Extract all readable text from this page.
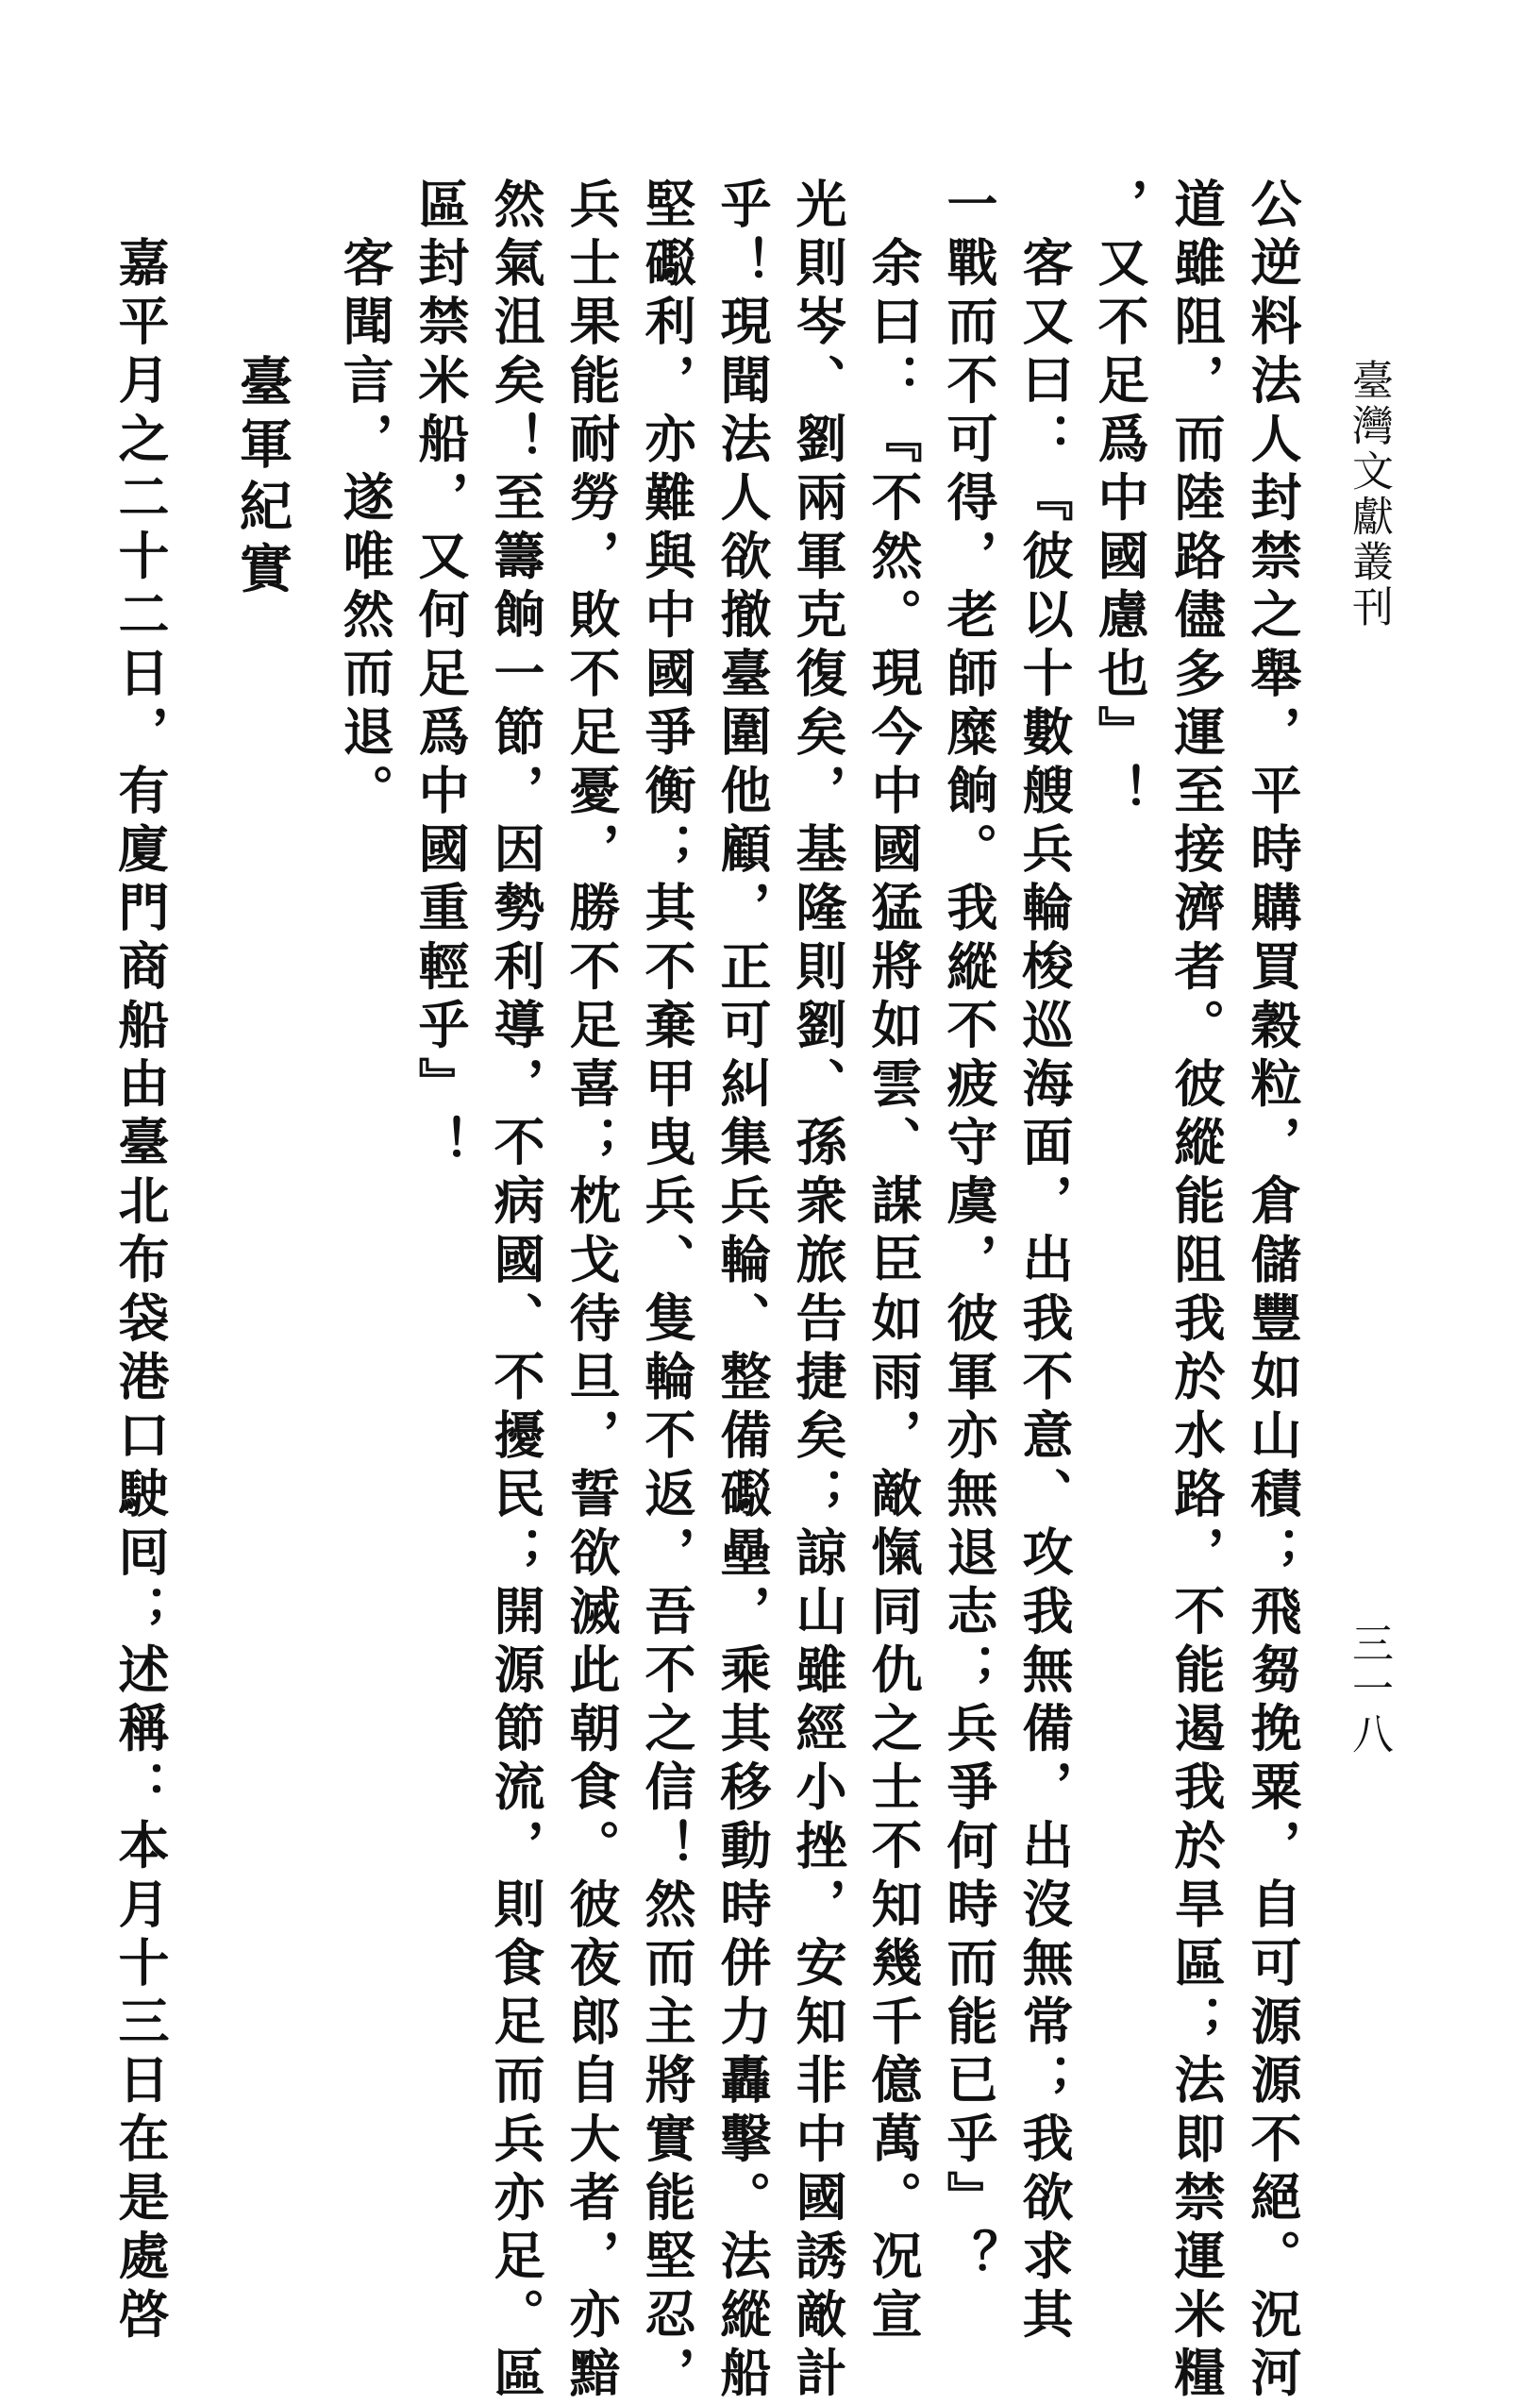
臺灣文獻叢刊
三一八
公逆料法人封禁之舉，平時購買穀粒，倉儲豐如山積；飛芻挽粟，自可源源不絕。況河
道雖阻，而陸路儘多運至接濟者。彼縱能阻我於水路，不能遏我於旱區；法即禁運米糧
，又不足爲中國慮也』！
客又曰：『彼以十數艘兵輪梭巡海面，出我不意、攻我無備，出沒無常；我欲求其
一戰而不可得，老師糜餉。我縱不疲守虞，彼軍亦無退志；兵爭何時而能已乎』？
余曰：『不然。現今中國猛將如雲、謀臣如雨，敵愾同仇之士不知幾千億萬。况宣
光則岑、劉兩軍克復矣，基隆則劉、孫衆旅告捷矣；諒山雖經小挫，安知非中國誘敵計
乎！現聞法人欲撤臺圍他顧，正可糾集兵輪、整備礟壘，乘其移動時併力轟擊。法縱船
堅礟利，亦難與中國爭衡；其不棄甲曳兵、隻輪不返，吾不之信！然而主將實能堅忍，
兵士果能耐勞，敗不足憂，勝不足喜；枕戈待旦，誓欲滅此朝食。彼夜郎自大者，亦黯
然氣沮矣！至籌餉一節，因勢利導，不病國、不擾民；開源節流，則食足而兵亦足。區
區封禁米船，又何足爲中國重輕乎』！
客聞言，遂唯然而退。
臺軍紀實
嘉平月之二十二日，有廈門商船由臺北布袋港口駛囘；述稱：本月十三日在是處啓
